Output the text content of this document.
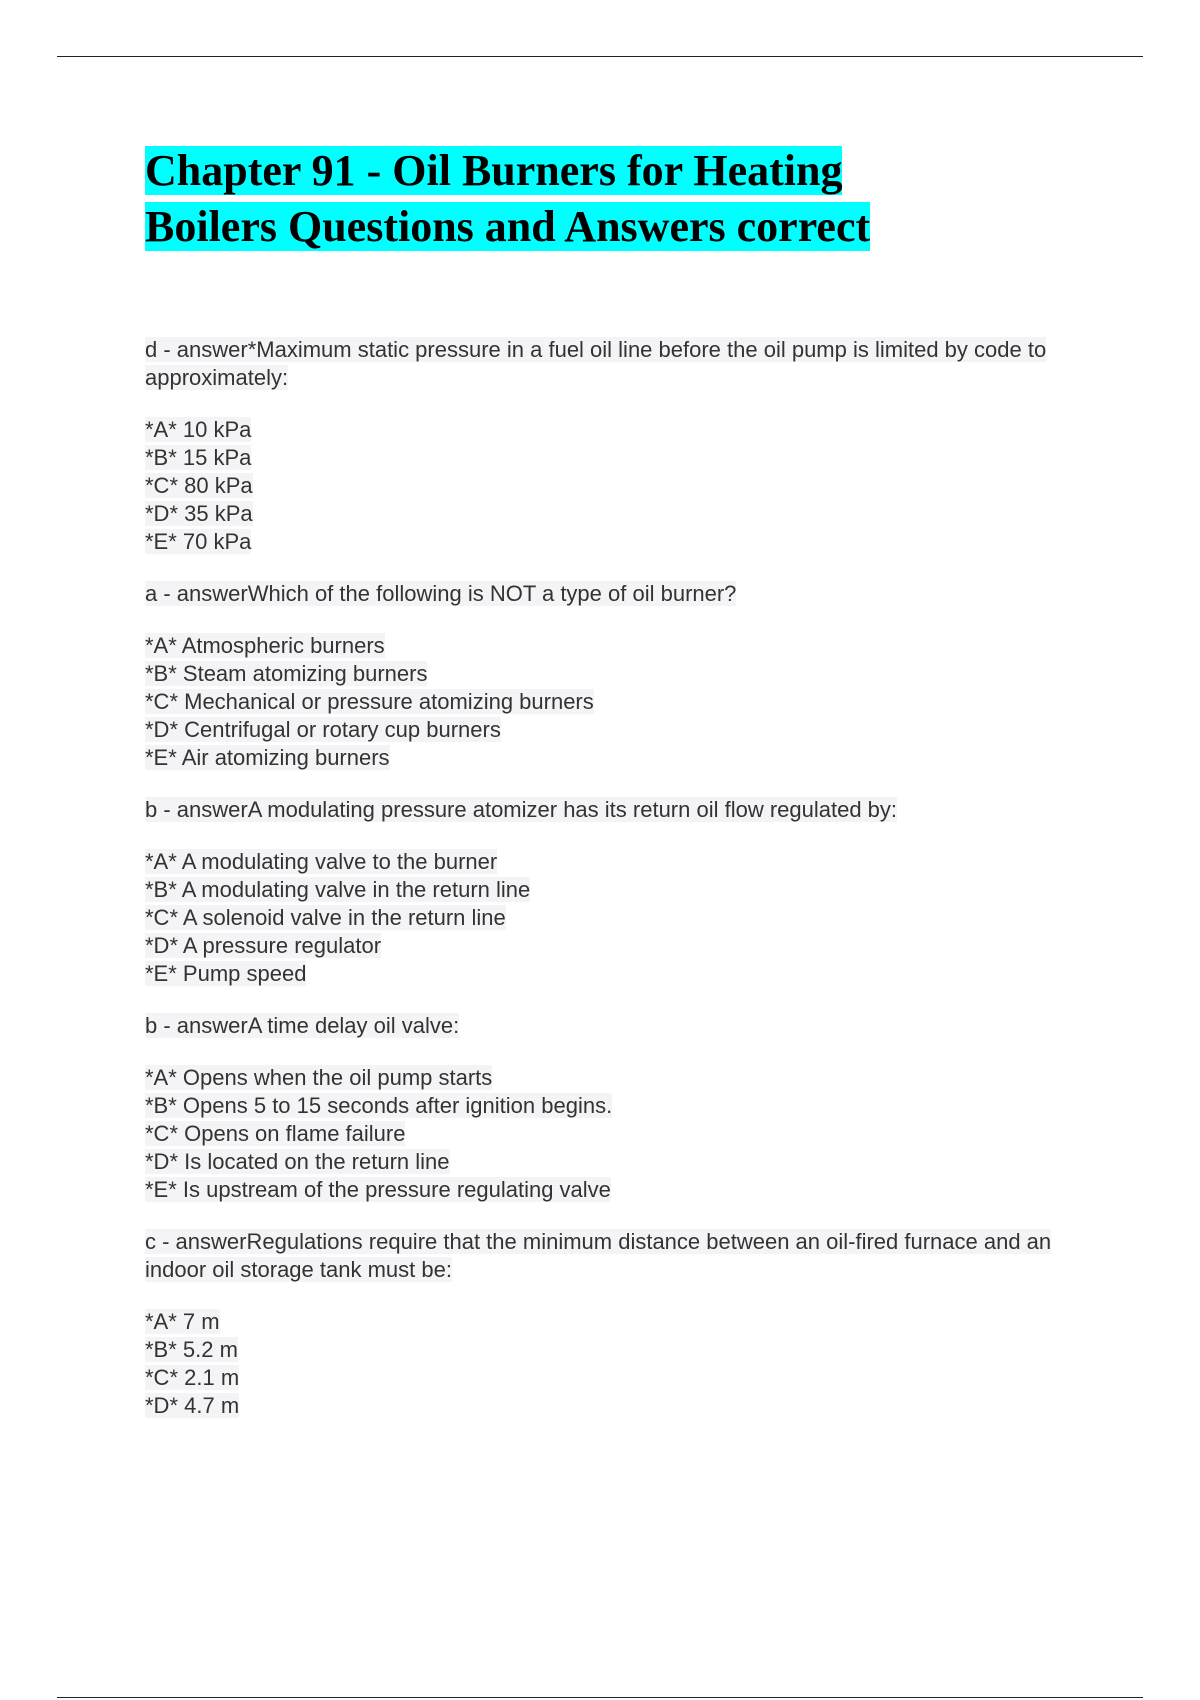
Chapter 91 - Oil Burners for Heating
Boilers Questions and Answers correct

d - answer*Maximum static pressure in a fuel oil line before the oil pump is limited by code to approximately:

*A* 10 kPa
*B* 15 kPa
*C* 80 kPa
*D* 35 kPa
*E* 70 kPa

a - answerWhich of the following is NOT a type of oil burner?

*A* Atmospheric burners
*B* Steam atomizing burners
*C* Mechanical or pressure atomizing burners
*D* Centrifugal or rotary cup burners
*E* Air atomizing burners

b - answerA modulating pressure atomizer has its return oil flow regulated by:

*A* A modulating valve to the burner
*B* A modulating valve in the return line
*C* A solenoid valve in the return line
*D* A pressure regulator
*E* Pump speed

b - answerA time delay oil valve:

*A* Opens when the oil pump starts
*B* Opens 5 to 15 seconds after ignition begins.
*C* Opens on flame failure
*D* Is located on the return line
*E* Is upstream of the pressure regulating valve

c - answerRegulations require that the minimum distance between an oil-fired furnace and an indoor oil storage tank must be:

*A* 7 m
*B* 5.2 m
*C* 2.1 m
*D* 4.7 m
